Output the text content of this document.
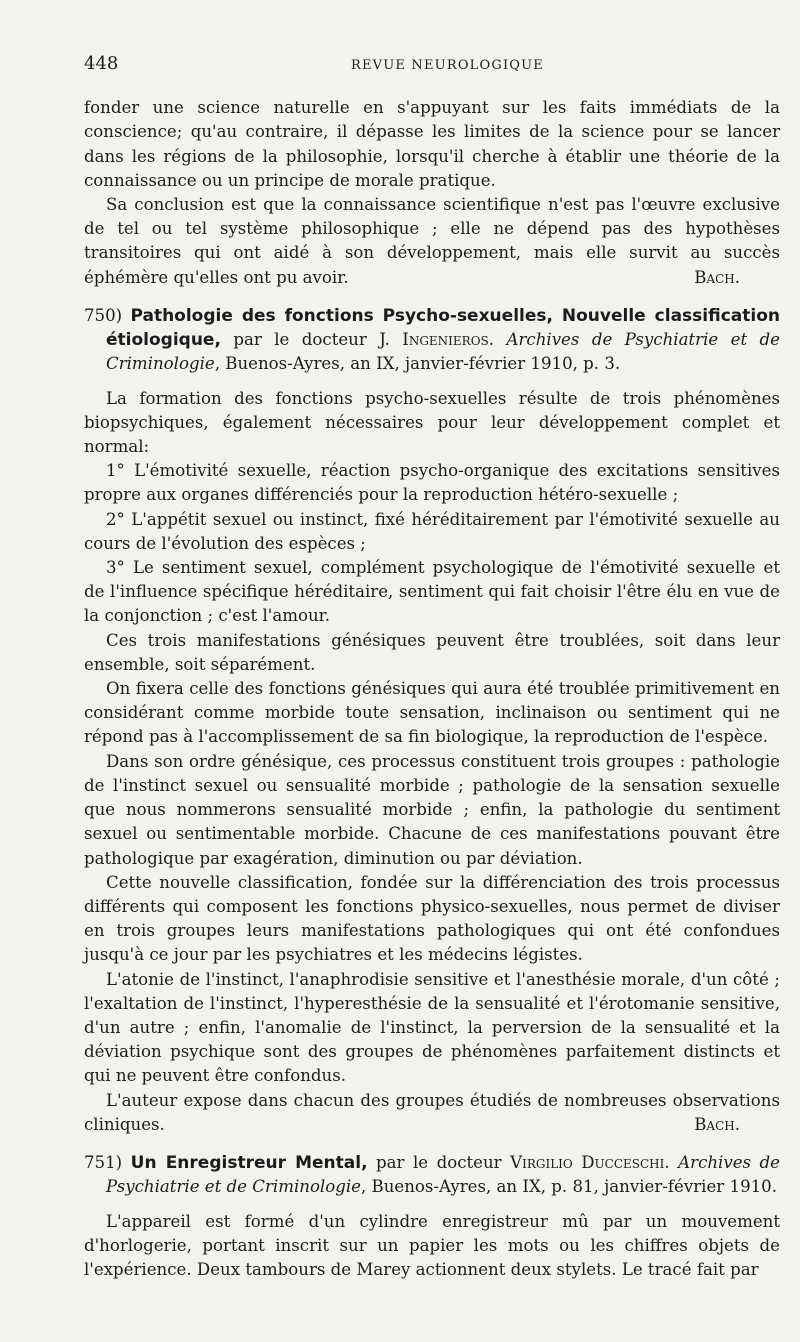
448	REVUE NEUROLOGIQUE

fonder une science naturelle en s'appuyant sur les faits immédiats de la conscience; qu'au contraire, il dépasse les limites de la science pour se lancer dans les régions de la philosophie, lorsqu'il cherche à établir une théorie de la connaissance ou un principe de morale pratique.

Sa conclusion est que la connaissance scientifique n'est pas l'œuvre exclusive de tel ou tel système philosophique ; elle ne dépend pas des hypothèses transitoires qui ont aidé à son développement, mais elle survit au succès éphémère qu'elles ont pu avoir.	Bach.
750) Pathologie des fonctions Psycho-sexuelles, Nouvelle classification étiologique, par le docteur J. Ingenieros. Archives de Psychiatrie et de Criminologie, Buenos-Ayres, an IX, janvier-février 1910, p. 3.

La formation des fonctions psycho-sexuelles résulte de trois phénomènes biopsychiques, également nécessaires pour leur développement complet et normal:

1° L'émotivité sexuelle, réaction psycho-organique des excitations sensitives propre aux organes différenciés pour la reproduction hétéro-sexuelle ;

2° L'appétit sexuel ou instinct, fixé héréditairement par l'émotivité sexuelle au cours de l'évolution des espèces ;

3° Le sentiment sexuel, complément psychologique de l'émotivité sexuelle et de l'influence spécifique héréditaire, sentiment qui fait choisir l'être élu en vue de la conjonction ; c'est l'amour.

Ces trois manifestations génésiques peuvent être troublées, soit dans leur ensemble, soit séparément.

On fixera celle des fonctions génésiques qui aura été troublée primitivement en considérant comme morbide toute sensation, inclinaison ou sentiment qui ne répond pas à l'accomplissement de sa fin biologique, la reproduction de l'espèce.

Dans son ordre génésique, ces processus constituent trois groupes : pathologie de l'instinct sexuel ou sensualité morbide ; pathologie de la sensation sexuelle que nous nommerons sensualité morbide ; enfin, la pathologie du sentiment sexuel ou sentimentable morbide. Chacune de ces manifestations pouvant être pathologique par exagération, diminution ou par déviation.

Cette nouvelle classification, fondée sur la différenciation des trois processus différents qui composent les fonctions physico-sexuelles, nous permet de diviser en trois groupes leurs manifestations pathologiques qui ont été confondues jusqu'à ce jour par les psychiatres et les médecins légistes.

L'atonie de l'instinct, l'anaphrodisie sensitive et l'anesthésie morale, d'un côté ; l'exaltation de l'instinct, l'hyperesthésie de la sensualité et l'érotomanie sensitive, d'un autre ; enfin, l'anomalie de l'instinct, la perversion de la sensualité et la déviation psychique sont des groupes de phénomènes parfaitement distincts et qui ne peuvent être confondus.

L'auteur expose dans chacun des groupes étudiés de nombreuses observations cliniques.	Bach.
751) Un Enregistreur Mental, par le docteur Virgilio Ducceschi. Archives de Psychiatrie et de Criminologie, Buenos-Ayres, an IX, p. 81, janvier-février 1910.

L'appareil est formé d'un cylindre enregistreur mû par un mouvement d'horlogerie, portant inscrit sur un papier les mots ou les chiffres objets de l'expérience. Deux tambours de Marey actionnent deux stylets. Le tracé fait par
